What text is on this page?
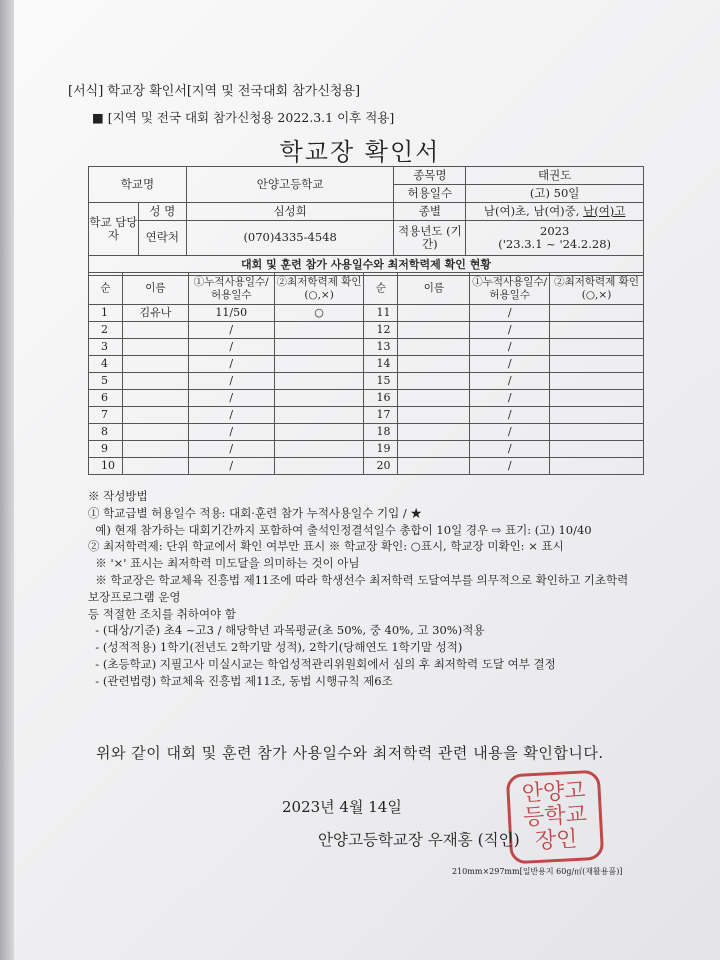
[서식] 학교장 확인서[지역 및 전국대회 참가신청용]
■ [지역 및 전국 대회 참가신청용 2022.3.1 이후 적용]
학교장 확인서
학교명		안양고등학교	종목명	태권도
			허용일수	(고) 50일
학교 담당자	성 명	심성희	종별	남(여)초, 남(여)중, 남(여)고
	연락처	(070)4335-4548	적용년도 (기간)	2023
('23.3.1 ~ '24.2.28)
대회 및 훈련 참가 사용일수와 최저학력제 확인 현황
순	이름	①누적사용일수/허용일수	②최저학력제 확인(○,×)	순	이름	①누적사용일수/허용일수	②최저학력제 확인(○,×)
1	김유나	11/50	○	11		/	
2		/		12		/	
3		/		13		/	
4		/		14		/	
5		/		15		/	
6		/		16		/	
7		/		17		/	
8		/		18		/	
9		/		19		/	
10		/		20		/	
※ 작성방법
① 학교급별 허용일수 적용: 대회·훈련 참가 누적사용일수 기입 / ★
예) 현재 참가하는 대회기간까지 포함하여 출석인정결석일수 총합이 10일 경우 ⇨ 표기: (고) 10/40
② 최저학력제: 단위 학교에서 확인 여부만 표시 ※ 학교장 확인: ○표시, 학교장 미확인: × 표시
※ '×' 표시는 최저학력 미도달을 의미하는 것이 아님
※ 학교장은 학교체육 진흥법 제11조에 따라 학생선수 최저학력 도달여부를 의무적으로 확인하고 기초학력
보장프로그램 운영
등 적절한 조치를 취하여야 함
- (대상/기준) 초4 ~고3 / 해당학년 과목평균(초 50%, 중 40%, 고 30%)적용
- (성적적용) 1학기(전년도 2학기말 성적), 2학기(당해연도 1학기말 성적)
- (초등학교) 지필고사 미실시교는 학업성적관리위원회에서 심의 후 최저학력 도달 여부 결정
- (관련법령) 학교체육 진흥법 제11조, 동법 시행규칙 제6조
위와 같이 대회 및 훈련 참가 사용일수와 최저학력 관련 내용을 확인합니다.
2023년 4월 14일
안양고등학교장인
안양고등학교장 우재홍 (직인)
210mm×297mm[일반용지 60g/㎡(재활용품)]
